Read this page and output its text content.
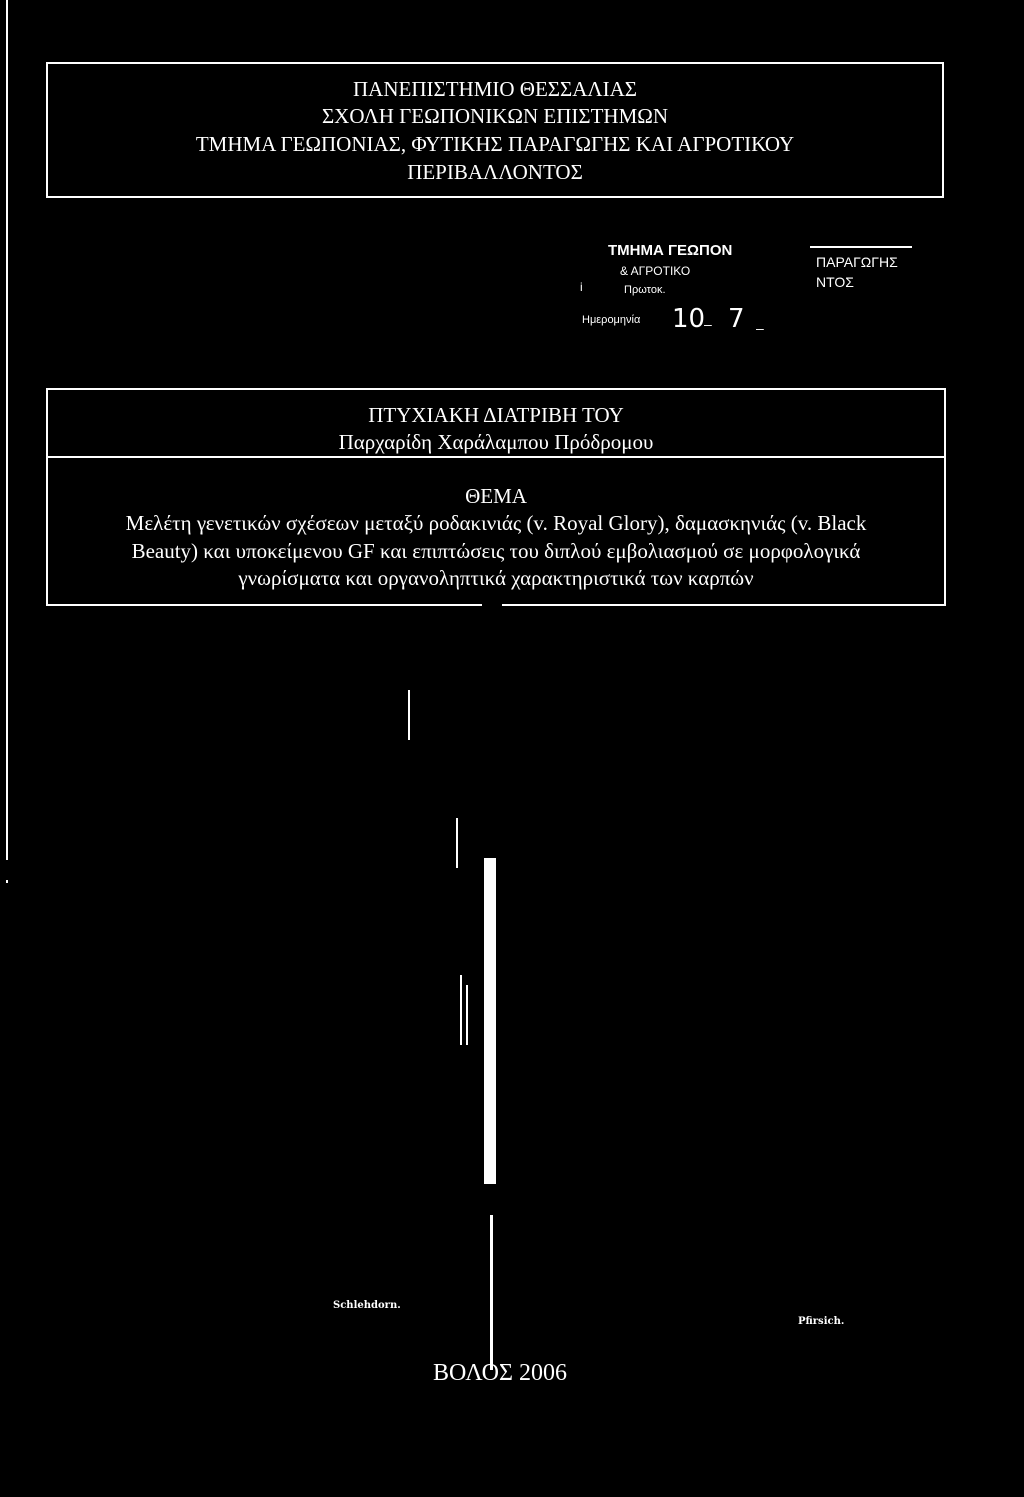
ΠΑΝΕΠΙΣΤΗΜΙΟ ΘΕΣΣΑΛΙΑΣ
ΣΧΟΛΗ ΓΕΩΠΟΝΙΚΩΝ ΕΠΙΣΤΗΜΩΝ
ΤΜΗΜΑ ΓΕΩΠΟΝΙΑΣ, ΦΥΤΙΚΗΣ ΠΑΡΑΓΩΓΗΣ ΚΑΙ ΑΓΡΟΤΙΚΟΥ
ΠΕΡΙΒΑΛΛΟΝΤΟΣ
ΤΜΗΜΑ ΓΕΩΠΟΝ
& ΑΓΡΟΤΙΚΟ
i	Πρωτοκ.
Ημερομηνία 10
– 7 –
ΠΑΡΑΓΩΓΗΣ
ΝΤΟΣ
ΠΤΥΧΙΑΚΗ ΔΙΑΤΡΙΒΗ ΤΟΥ
Παρχαρίδη Χαράλαμπου Πρόδρομου
ΘΕΜΑ
Μελέτη γενετικών σχέσεων μεταξύ ροδακινιάς (v. Royal Glory), δαμασκηνιάς (v. Black
Beauty) και υποκείμενου GF και επιπτώσεις του διπλού εμβολιασμού σε μορφολογικά
γνωρίσματα και οργανοληπτικά χαρακτηριστικά των καρπών
Schlehdorn.
Pfirsich.
ΒΟΛΟΣ 2006
